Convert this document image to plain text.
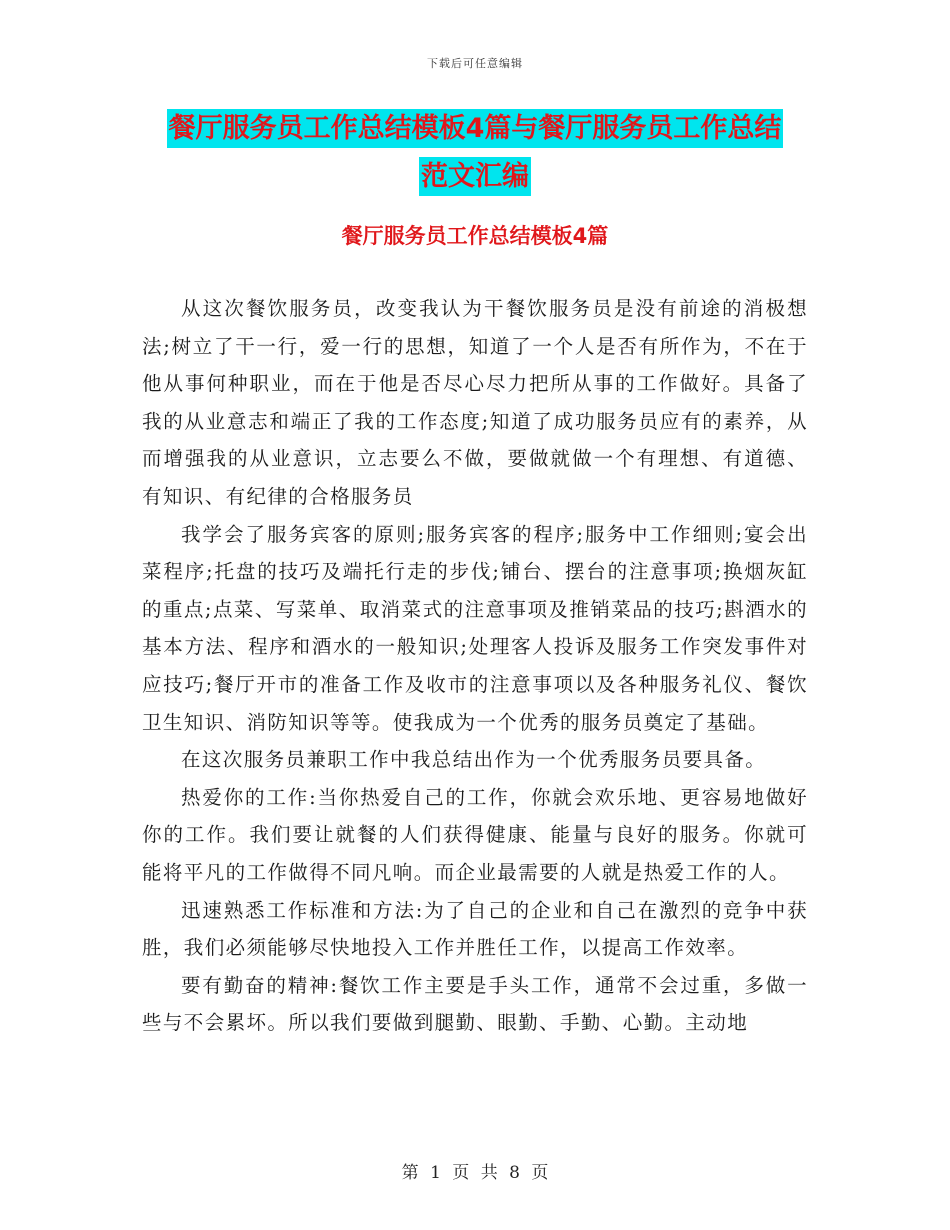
下载后可任意编辑
餐厅服务员工作总结模板4篇与餐厅服务员工作总结
范文汇编
餐厅服务员工作总结模板4篇

从这次餐饮服务员，改变我认为干餐饮服务员是没有前途的消极想法;树立了干一行，爱一行的思想，知道了一个人是否有所作为，不在于他从事何种职业，而在于他是否尽心尽力把所从事的工作做好。具备了我的从业意志和端正了我的工作态度;知道了成功服务员应有的素养，从而增强我的从业意识，立志要么不做，要做就做一个有理想、有道德、有知识、有纪律的合格服务员

我学会了服务宾客的原则;服务宾客的程序;服务中工作细则;宴会出菜程序;托盘的技巧及端托行走的步伐;铺台、摆台的注意事项;换烟灰缸的重点;点菜、写菜单、取消菜式的注意事项及推销菜品的技巧;斟酒水的基本方法、程序和酒水的一般知识;处理客人投诉及服务工作突发事件对应技巧;餐厅开市的准备工作及收市的注意事项以及各种服务礼仪、餐饮卫生知识、消防知识等等。使我成为一个优秀的服务员奠定了基础。

在这次服务员兼职工作中我总结出作为一个优秀服务员要具备。

热爱你的工作:当你热爱自己的工作，你就会欢乐地、更容易地做好你的工作。我们要让就餐的人们获得健康、能量与良好的服务。你就可能将平凡的工作做得不同凡响。而企业最需要的人就是热爱工作的人。

迅速熟悉工作标准和方法:为了自己的企业和自己在激烈的竞争中获胜，我们必须能够尽快地投入工作并胜任工作，以提高工作效率。

要有勤奋的精神:餐饮工作主要是手头工作，通常不会过重，多做一些与不会累坏。所以我们要做到腿勤、眼勤、手勤、心勤。主动地

第 1 页 共 8 页
